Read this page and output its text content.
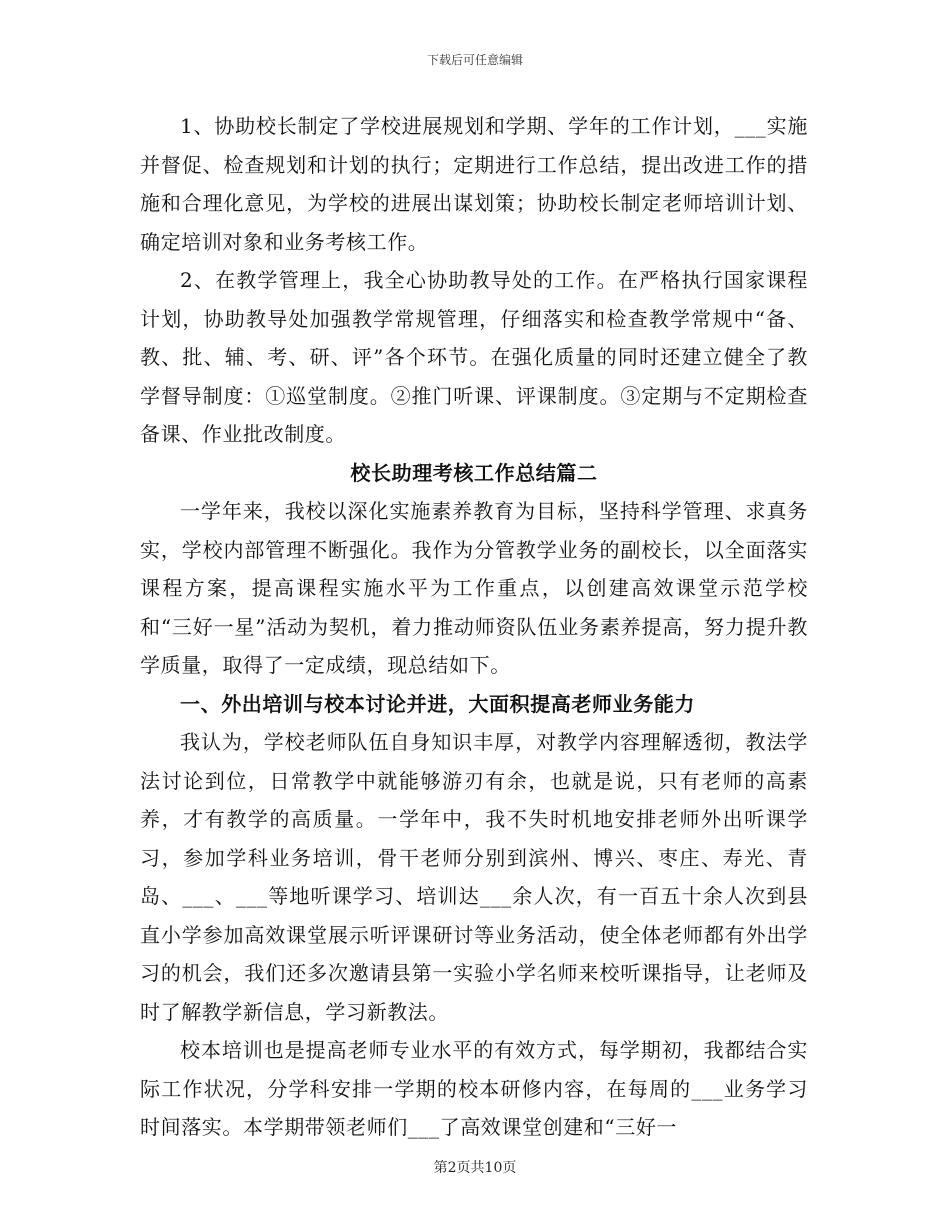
下载后可任意编辑

1、协助校长制定了学校进展规划和学期、学年的工作计划，___实施并督促、检查规划和计划的执行；定期进行工作总结，提出改进工作的措施和合理化意见，为学校的进展出谋划策；协助校长制定老师培训计划、确定培训对象和业务考核工作。

2、在教学管理上，我全心协助教导处的工作。在严格执行国家课程计划，协助教导处加强教学常规管理，仔细落实和检查教学常规中“备、教、批、辅、考、研、评”各个环节。在强化质量的同时还建立健全了教学督导制度：①巡堂制度。②推门听课、评课制度。③定期与不定期检查备课、作业批改制度。

校长助理考核工作总结篇二

一学年来，我校以深化实施素养教育为目标，坚持科学管理、求真务实，学校内部管理不断强化。我作为分管教学业务的副校长，以全面落实课程方案，提高课程实施水平为工作重点，以创建高效课堂示范学校和“三好一星”活动为契机，着力推动师资队伍业务素养提高，努力提升教学质量，取得了一定成绩，现总结如下。

一、外出培训与校本讨论并进，大面积提高老师业务能力

我认为，学校老师队伍自身知识丰厚，对教学内容理解透彻，教法学法讨论到位，日常教学中就能够游刃有余，也就是说，只有老师的高素养，才有教学的高质量。一学年中，我不失时机地安排老师外出听课学习，参加学科业务培训，骨干老师分别到滨州、博兴、枣庄、寿光、青岛、___、___等地听课学习、培训达___余人次，有一百五十余人次到县直小学参加高效课堂展示听评课研讨等业务活动，使全体老师都有外出学习的机会，我们还多次邀请县第一实验小学名师来校听课指导，让老师及时了解教学新信息，学习新教法。

校本培训也是提高老师专业水平的有效方式，每学期初，我都结合实际工作状况，分学科安排一学期的校本研修内容，在每周的___业务学习时间落实。本学期带领老师们___了高效课堂创建和“三好一

第2页共10页
